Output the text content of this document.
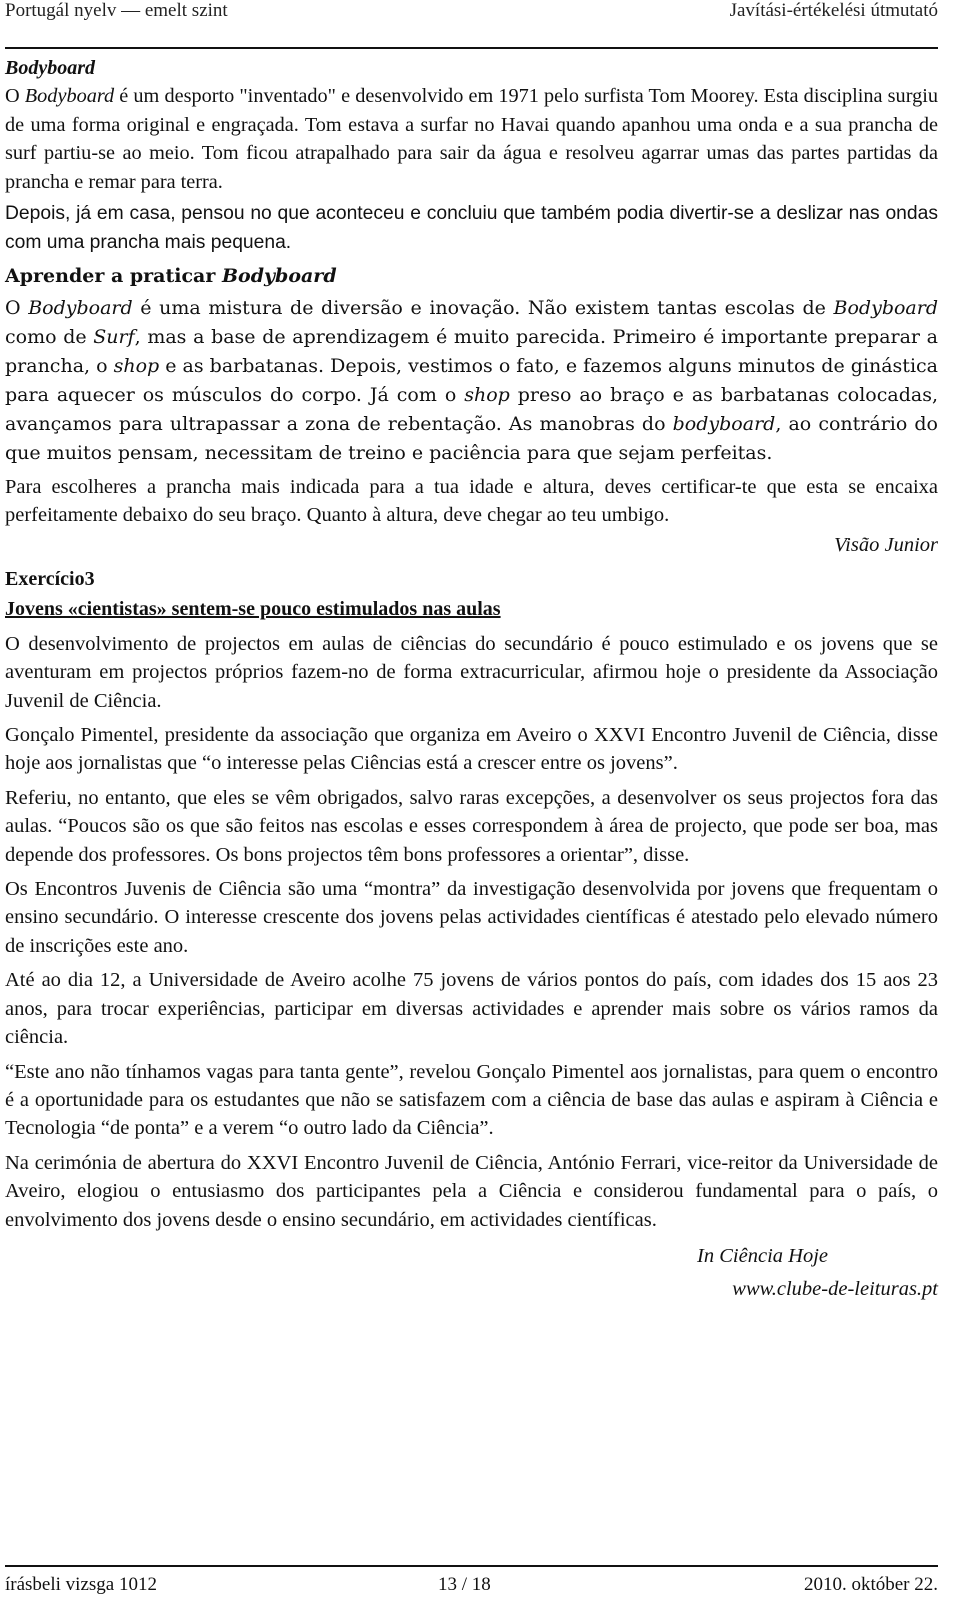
Portugál nyelv — emelt szint	Javítási-értékelési útmutató
Bodyboard

O Bodyboard é um desporto "inventado" e desenvolvido em 1971 pelo surfista Tom Moorey. Esta disciplina surgiu de uma forma original e engraçada. Tom estava a surfar no Havai quando apanhou uma onda e a sua prancha de surf partiu-se ao meio. Tom ficou atrapalhado para sair da água e resolveu agarrar umas das partes partidas da prancha e remar para terra.

Depois, já em casa, pensou no que aconteceu e concluiu que também podia divertir-se a deslizar nas ondas com uma prancha mais pequena.

Aprender a praticar Bodyboard

O Bodyboard é uma mistura de diversão e inovação. Não existem tantas escolas de Bodyboard como de Surf, mas a base de aprendizagem é muito parecida. Primeiro é importante preparar a prancha, o shop e as barbatanas. Depois, vestimos o fato, e fazemos alguns minutos de ginástica para aquecer os músculos do corpo. Já com o shop preso ao braço e as barbatanas colocadas, avançamos para ultrapassar a zona de rebentação. As manobras do bodyboard, ao contrário do que muitos pensam, necessitam de treino e paciência para que sejam perfeitas.

Para escolheres a prancha mais indicada para a tua idade e altura, deves certificar-te que esta se encaixa perfeitamente debaixo do seu braço. Quanto à altura, deve chegar ao teu umbigo.

Visão Junior
Exercício3
Jovens «cientistas» sentem-se pouco estimulados nas aulas

O desenvolvimento de projectos em aulas de ciências do secundário é pouco estimulado e os jovens que se aventuram em projectos próprios fazem-no de forma extracurricular, afirmou hoje o presidente da Associação Juvenil de Ciência.

Gonçalo Pimentel, presidente da associação que organiza em Aveiro o XXVI Encontro Juvenil de Ciência, disse hoje aos jornalistas que “o interesse pelas Ciências está a crescer entre os jovens”.

Referiu, no entanto, que eles se vêm obrigados, salvo raras excepções, a desenvolver os seus projectos fora das aulas. “Poucos são os que são feitos nas escolas e esses correspondem à área de projecto, que pode ser boa, mas depende dos professores. Os bons projectos têm bons professores a orientar”, disse.

Os Encontros Juvenis de Ciência são uma “montra” da investigação desenvolvida por jovens que frequentam o ensino secundário. O interesse crescente dos jovens pelas actividades científicas é atestado pelo elevado número de inscrições este ano.

Até ao dia 12, a Universidade de Aveiro acolhe 75 jovens de vários pontos do país, com idades dos 15 aos 23 anos, para trocar experiências, participar em diversas actividades e aprender mais sobre os vários ramos da ciência.

“Este ano não tínhamos vagas para tanta gente”, revelou Gonçalo Pimentel aos jornalistas, para quem o encontro é a oportunidade para os estudantes que não se satisfazem com a ciência de base das aulas e aspiram à Ciência e Tecnologia “de ponta” e a verem “o outro lado da Ciência”.

Na cerimónia de abertura do XXVI Encontro Juvenil de Ciência, António Ferrari, vice-reitor da Universidade de Aveiro, elogiou o entusiasmo dos participantes pela a Ciência e considerou fundamental para o país, o envolvimento dos jovens desde o ensino secundário, em actividades científicas.

In Ciência Hoje
www.clube-de-leituras.pt
írásbeli vizsga 1012	13 / 18	2010. október 22.
